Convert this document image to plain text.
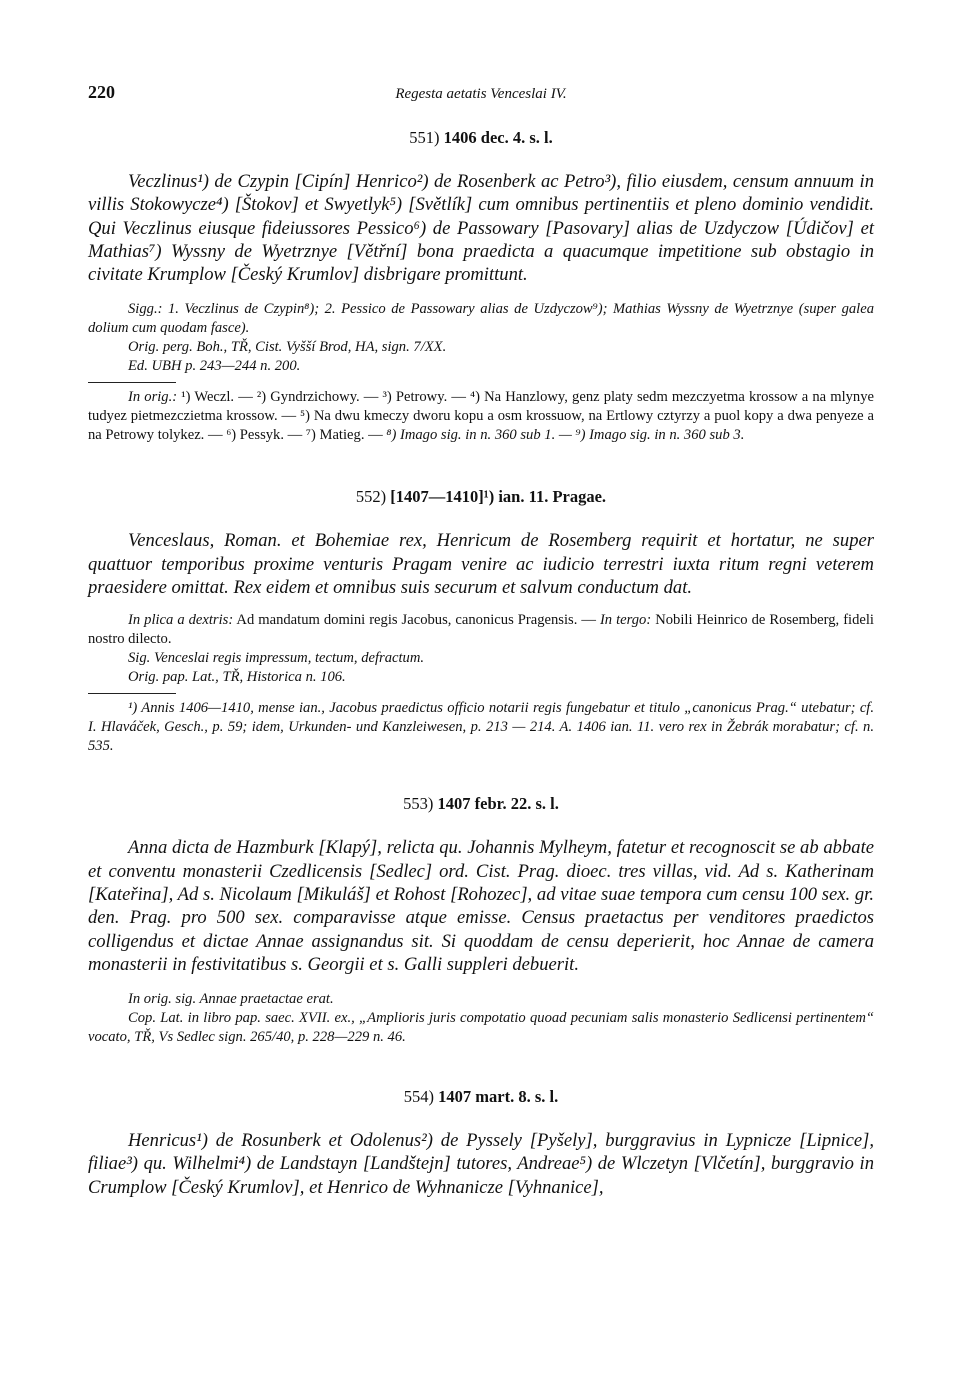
220	Regesta aetatis Venceslai IV.

551) 1406 dec. 4. s. l.

Veczlinus¹) de Czypin [Cipín] Henrico²) de Rosenberk ac Petro³), filio eiusdem, censum annuum in villis Stokowycze⁴) [Štokov] et Swyetlyk⁵) [Světlík] cum omnibus pertinentiis et pleno dominio vendidit. Qui Veczlinus eiusque fideiussores Pessico⁶) de Passowary [Pasovary] alias de Uzdyczow [Údičov] et Mathias⁷) Wyssny de Wyetrznye [Větřní] bona praedicta a quacumque impetitione sub obstagio in civitate Krumplow [Český Krumlov] disbrigare promittunt.

Sigg.: 1. Veczlinus de Czypin⁸); 2. Pessico de Passowary alias de Uzdyczow⁹); Mathias Wyssny de Wyetrznye (super galea dolium cum quodam fasce).

Orig. perg. Boh., TŘ, Cist. Vyšší Brod, HA, sign. 7/XX.

Ed. UBH p. 243—244 n. 200.

In orig.: ¹) Weczl. — ²) Gyndrzichowy. — ³) Petrowy. — ⁴) Na Hanzlowy, genz platy sedm mezczyetma krossow a na mlynye tudyez pietmezczietma krossow. — ⁵) Na dwu kmeczy dworu kopu a osm krossuow, na Ertlowy cztyrzy a puol kopy a dwa penyeze a na Petrowy tolykez. — ⁶) Pessyk. — ⁷) Matieg. — ⁸) Imago sig. in n. 360 sub 1. — ⁹) Imago sig. in n. 360 sub 3.

552) [1407—1410]¹) ian. 11. Pragae.

Venceslaus, Roman. et Bohemiae rex, Henricum de Rosemberg requirit et hortatur, ne super quattuor temporibus proxime venturis Pragam venire ac iudicio terrestri iuxta ritum regni veterem praesidere omittat. Rex eidem et omnibus suis securum et salvum conductum dat.

In plica a dextris: Ad mandatum domini regis Jacobus, canonicus Pragensis. — In tergo: Nobili Heinrico de Rosemberg, fideli nostro dilecto.

Sig. Venceslai regis impressum, tectum, defractum.

Orig. pap. Lat., TŘ, Historica n. 106.

¹) Annis 1406—1410, mense ian., Jacobus praedictus officio notarii regis fungebatur et titulo „canonicus Prag.“ utebatur; cf. I. Hlaváček, Gesch., p. 59; idem, Urkunden- und Kanzleiwesen, p. 213 — 214. A. 1406 ian. 11. vero rex in Žebrák morabatur; cf. n. 535.

553) 1407 febr. 22. s. l.

Anna dicta de Hazmburk [Klapý], relicta qu. Johannis Mylheym, fatetur et recognoscit se ab abbate et conventu monasterii Czedlicensis [Sedlec] ord. Cist. Prag. dioec. tres villas, vid. Ad s. Katherinam [Kateřina], Ad s. Nicolaum [Mikuláš] et Rohost [Rohozec], ad vitae suae tempora cum censu 100 sex. gr. den. Prag. pro 500 sex. comparavisse atque emisse. Census praetactus per venditores praedictos colligendus et dictae Annae assignandus sit. Si quoddam de censu deperierit, hoc Annae de camera monasterii in festivitatibus s. Georgii et s. Galli suppleri debuerit.

In orig. sig. Annae praetactae erat.

Cop. Lat. in libro pap. saec. XVII. ex., „Amplioris juris compotatio quoad pecuniam salis monasterio Sedlicensi pertinentem“ vocato, TŘ, Vs Sedlec sign. 265/40, p. 228—229 n. 46.

554) 1407 mart. 8. s. l.

Henricus¹) de Rosunberk et Odolenus²) de Pyssely [Pyšely], burggravius in Lypnicze [Lipnice], filiae³) qu. Wilhelmi⁴) de Landstayn [Landštejn] tutores, Andreae⁵) de Wlczetyn [Vlčetín], burggravio in Crumplow [Český Krumlov], et Henrico de Wyhnanicze [Vyhnanice],
